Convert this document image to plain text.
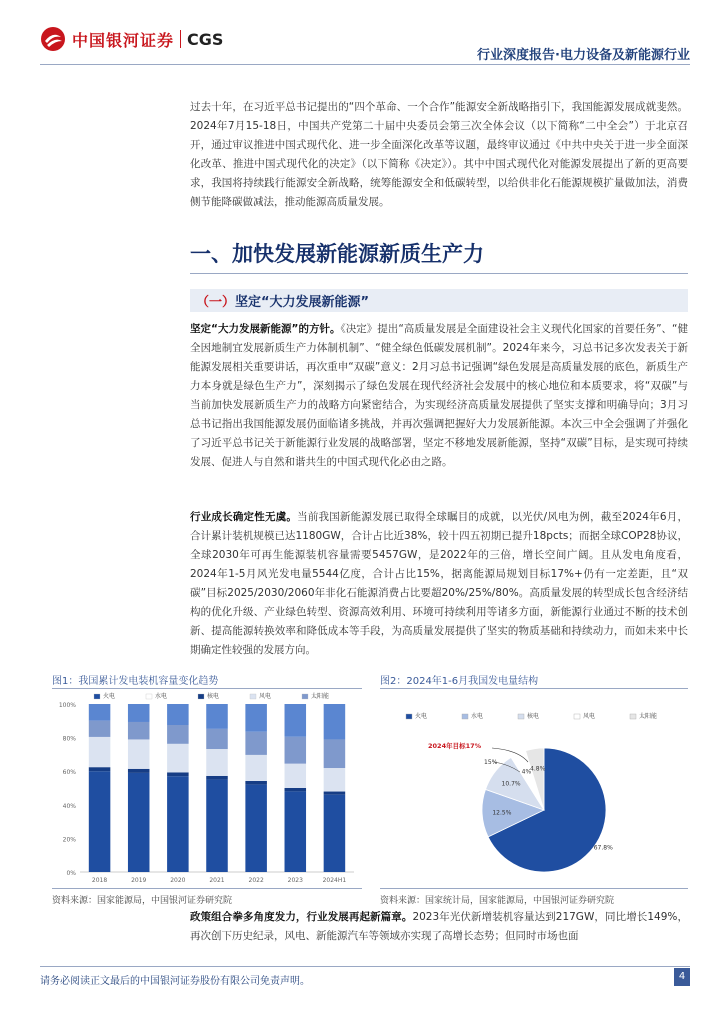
中国银河证券 CGS
行业深度报告·电力设备及新能源行业
过去十年，在习近平总书记提出的“四个革命、一个合作”能源安全新战略指引下，我国能源发展成就斐然。2024年7月15-18日，中国共产党第二十届中央委员会第三次全体会议（以下简称“二中全会”）于北京召开，通过审议推进中国式现代化、进一步全面深化改革等议题，最终审议通过《中共中央关于进一步全面深化改革、推进中国式现代化的决定》（以下简称《决定》）。其中中国式现代化对能源发展提出了新的更高要求，我国将持续践行能源安全新战略，统筹能源安全和低碳转型，以给供非化石能源规模扩量做加法，消费侧节能降碳做减法，推动能源高质量发展。
一、加快发展新能源新质生产力
（一）坚定“大力发展新能源”
坚定“大力发展新能源”的方针。《决定》提出“高质量发展是全面建设社会主义现代化国家的首要任务”、“健全因地制宜发展新质生产力体制机制”、“健全绿色低碳发展机制”。2024年来今，习总书记多次发表关于新能源发展相关重要讲话，再次重申“双碳”意义：2月习总书记强调“绿色发展是高质量发展的底色，新质生产力本身就是绿色生产力”，深刻揭示了绿色发展在现代经济社会发展中的核心地位和本质要求，将“双碳”与当前加快发展新质生产力的战略方向紧密结合，为实现经济高质量发展提供了坚实支撑和明确导向；3月习总书记指出我国能源发展仍面临诸多挑战，并再次强调把握好大力发展新能源。本次三中全会强调了并强化了习近平总书记关于新能源行业发展的战略部署，坚定不移地发展新能源，坚持“双碳”目标，是实现可持续发展、促进人与自然和谐共生的中国式现代化必由之路。
行业成长确定性无虞。当前我国新能源发展已取得全球瞩目的成就，以光伏/风电为例，截至2024年6月，合计累计装机规模已达1180GW，合计占比近38%，较十四五初期已提升18pcts；而据全球COP28协议，全球2030年可再生能源装机容量需要5457GW，是2022年的三倍，增长空间广阔。且从发电角度看，2024年1-5月风光发电量5544亿度，合计占比15%，据离能源局规划目标17%+仍有一定差距，且“双碳”目标2025/2030/2060年非化石能源消费占比要超20%/25%/80%。高质量发展的转型成长包含经济结构的优化升级、产业绿色转型、资源高效利用、环境可持续利用等诸多方面，新能源行业通过不断的技术创新、提高能源转换效率和降低成本等手段，为高质量发展提供了坚实的物质基础和持续动力，而如未来中长期确定性较强的发展方向。
图1：我国累计发电装机容量变化趋势	图2：2024年1-6月我国发电量结构
0%
20%
40%
60%
80%
100%
2018	2019	2020	2021	2022	2023	2024H1
火电	水电	核电	风电	太阳能
火电	水电	核电	风电	太阳能
67.8%
12.5%
10.7%
4%
4.8%
2024年目标17%
15%
资料来源：国家能源局，中国银河证券研究院	资料来源：国家统计局，国家能源局，中国银河证券研究院
政策组合拳多角度发力，行业发展再起新篇章。2023年光伏新增装机容量达到217GW，同比增长149%，再次创下历史纪录，风电、新能源汽车等领域亦实现了高增长态势；但同时市场也面
请务必阅读正文最后的中国银河证券股份有限公司免责声明。	4
